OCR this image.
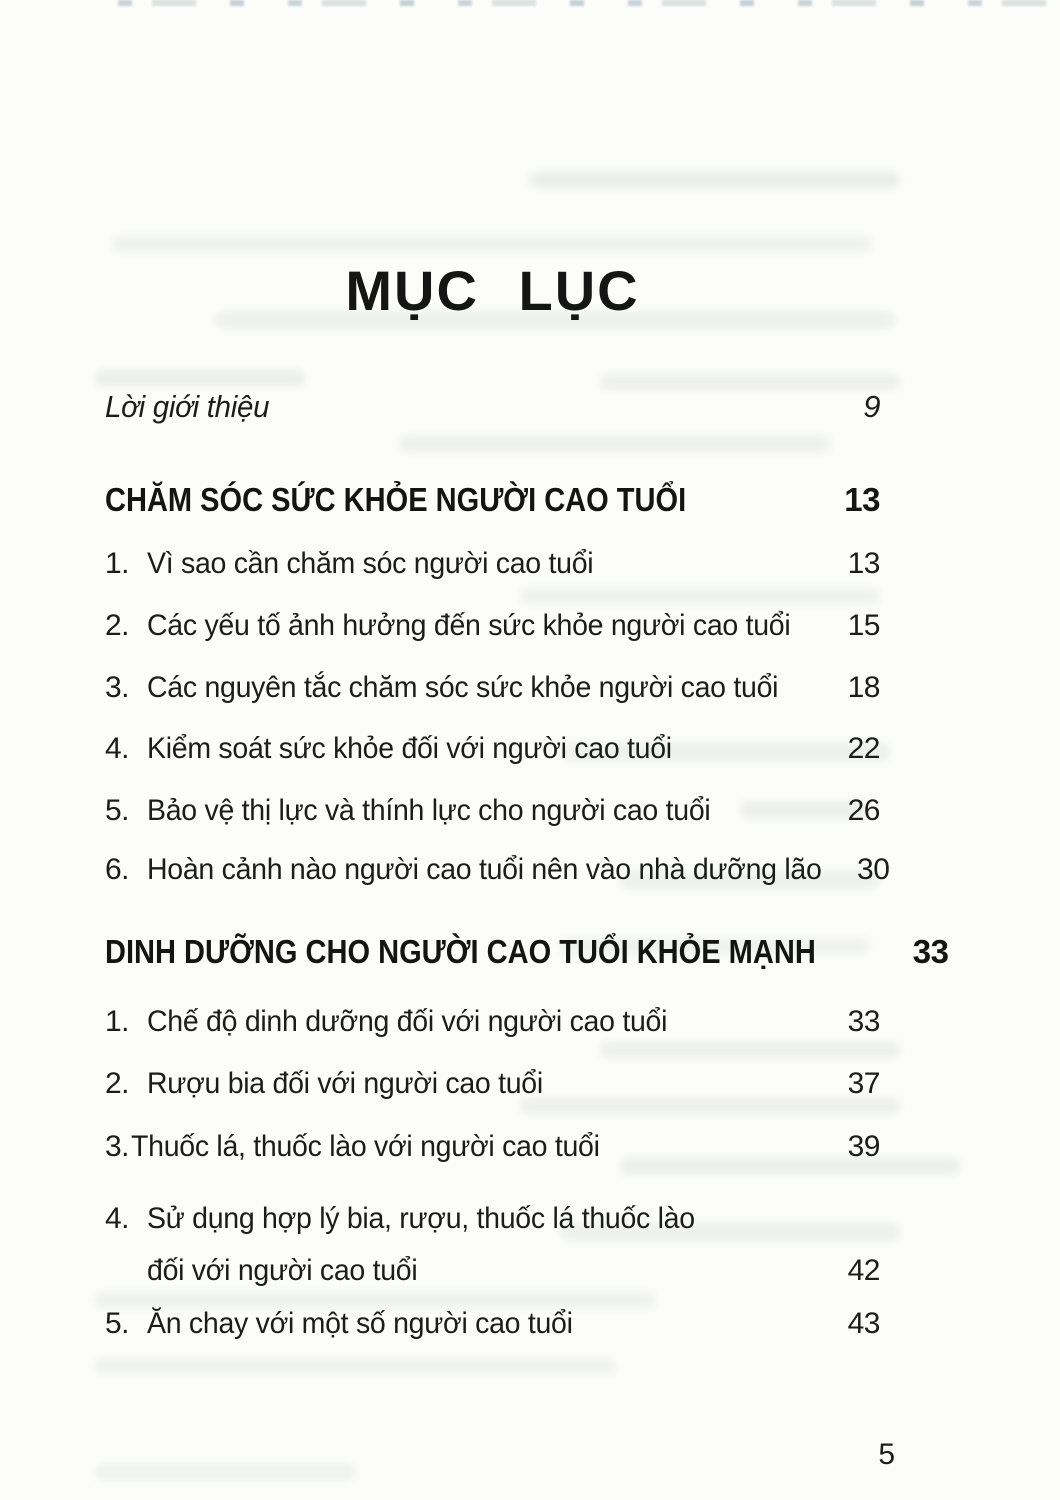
MỤC LỤC
Lời giới thiệu	9
CHĂM SÓC SỨC KHỎE NGƯỜI CAO TUỔI	13
1. Vì sao cần chăm sóc người cao tuổi	13
2. Các yếu tố ảnh hưởng đến sức khỏe người cao tuổi	15
3. Các nguyên tắc chăm sóc sức khỏe người cao tuổi	18
4. Kiểm soát sức khỏe đối với người cao tuổi	22
5. Bảo vệ thị lực và thính lực cho người cao tuổi	26
6. Hoàn cảnh nào người cao tuổi nên vào nhà dưỡng lão 30
DINH DƯỠNG CHO NGƯỜI CAO TUỔI KHỎE MẠNH	33
1. Chế độ dinh dưỡng đối với người cao tuổi	33
2. Rượu bia đối với người cao tuổi	37
3. Thuốc lá, thuốc lào với người cao tuổi	39
4. Sử dụng hợp lý bia, rượu, thuốc lá thuốc lào
đối với người cao tuổi	42
5. Ăn chay với một số người cao tuổi	43
5
